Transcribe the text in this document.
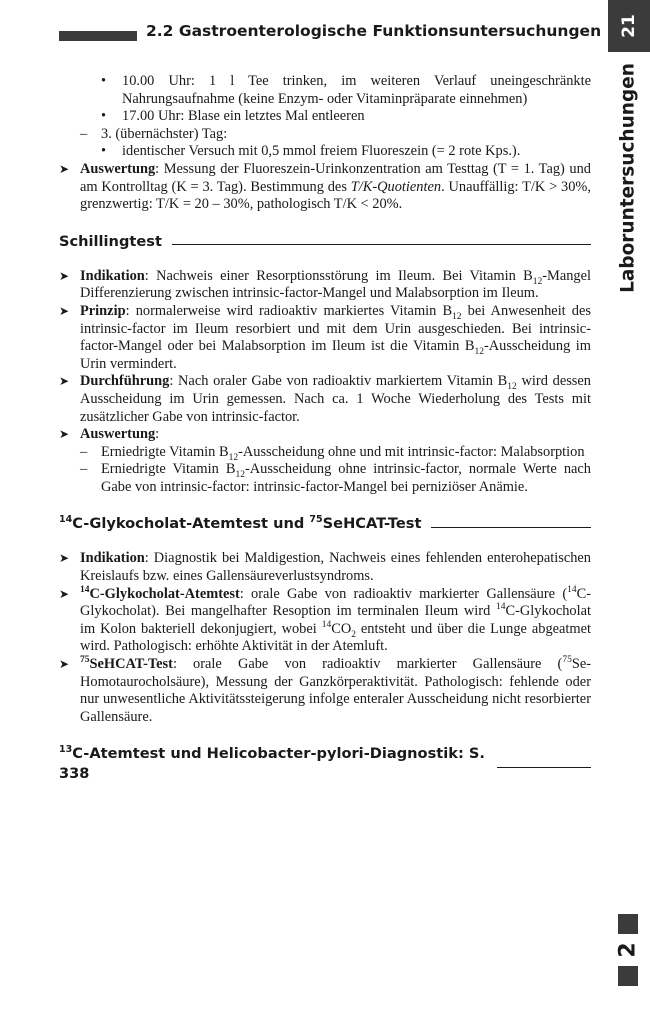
2.2 Gastroenterologische Funktionsuntersuchungen 21
Laboruntersuchungen
2
• 10.00 Uhr: 1 l Tee trinken, im weiteren Verlauf uneingeschränkte Nahrungsaufnahme (keine Enzym- oder Vitaminpräparate einnehmen)
• 17.00 Uhr: Blase ein letztes Mal entleeren
– 3. (übernächster) Tag:
• identischer Versuch mit 0,5 mmol freiem Fluoreszein (= 2 rote Kps.).
➤ Auswertung: Messung der Fluoreszein-Urinkonzentration am Testtag (T = 1. Tag) und am Kontrolltag (K = 3. Tag). Bestimmung des T/K-Quotienten. Unauffällig: T/K > 30%, grenzwertig: T/K = 20 – 30%, pathologisch T/K < 20%.
Schillingtest
➤ Indikation: Nachweis einer Resorptionsstörung im Ileum. Bei Vitamin $B_{12}$-Mangel Differenzierung zwischen intrinsic-factor-Mangel und Malabsorption im Ileum.
➤ Prinzip: normalerweise wird radioaktiv markiertes Vitamin $B_{12}$ bei Anwesenheit des intrinsic-factor im Ileum resorbiert und mit dem Urin ausgeschieden. Bei intrinsic-factor-Mangel oder bei Malabsorption im Ileum ist die Vitamin $B_{12}$-Ausscheidung im Urin vermindert.
➤ Durchführung: Nach oraler Gabe von radioaktiv markiertem Vitamin $B_{12}$ wird dessen Ausscheidung im Urin gemessen. Nach ca. 1 Woche Wiederholung des Tests mit zusätzlicher Gabe von intrinsic-factor.
➤ Auswertung:
– Erniedrigte Vitamin $B_{12}$-Ausscheidung ohne und mit intrinsic-factor: Malabsorption
– Erniedrigte Vitamin $B_{12}$-Ausscheidung ohne intrinsic-factor, normale Werte nach Gabe von intrinsic-factor: intrinsic-factor-Mangel bei perniziöser Anämie.
$^{14}$C-Glykocholat-Atemtest und $^{75}$SeHCAT-Test
➤ Indikation: Diagnostik bei Maldigestion, Nachweis eines fehlenden enterohepatischen Kreislaufs bzw. eines Gallensäureverlustsyndroms.
➤ $^{14}$C-Glykocholat-Atemtest: orale Gabe von radioaktiv markierter Gallensäure ($^{14}$C-Glykocholat). Bei mangelhafter Resoption im terminalen Ileum wird $^{14}$C-Glykocholat im Kolon bakteriell dekonjugiert, wobei $^{14}CO_2$ entsteht und über die Lunge abgeatmet wird. Pathologisch: erhöhte Aktivität in der Atemluft.
➤ $^{75}$SeHCAT-Test: orale Gabe von radioaktiv markierter Gallensäure ($^{75}$Se-Homotaurocholsäure), Messung der Ganzkörperaktivität. Pathologisch: fehlende oder nur unwesentliche Aktivitätssteigerung infolge enteraler Ausscheidung nicht resorbierter Gallensäure.
$^{13}$C-Atemtest und Helicobacter-pylori-Diagnostik: S. 338
